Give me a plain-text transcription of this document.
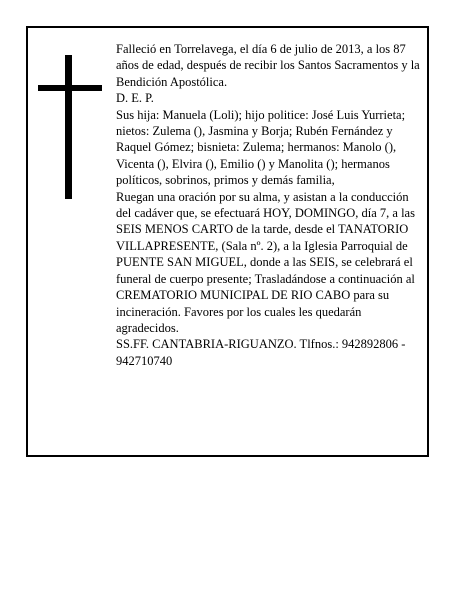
Falleció en Torrelavega, el día 6 de julio de 2013, a los 87 años de edad, después de recibir los Santos Sacramentos y la Bendición Apostólica.

D. E. P.

Sus hija: Manuela (Loli); hijo politice: José Luis Yurrieta; nietos: Zulema (), Jasmina y Borja; Rubén Fernández y Raquel Gómez; bisnieta: Zulema; hermanos: Manolo (), Vicenta (), Elvira (), Emilio () y Manolita (); hermanos políticos, sobrinos, primos y demás familia,

Ruegan una oración por su alma, y asistan a la conducción del cadáver que, se efectuará HOY, DOMINGO, día 7, a las SEIS MENOS CARTO de la tarde, desde el TANATORIO VILLAPRESENTE, (Sala nº. 2), a la Iglesia Parroquial de PUENTE SAN MIGUEL, donde a las SEIS, se celebrará el funeral de cuerpo presente; Trasladándose a continuación al CREMATORIO MUNICIPAL DE RIO CABO para su incineración. Favores por los cuales les quedarán agradecidos.

SS.FF. CANTABRIA-RIGUANZO. Tlfnos.: 942892806 - 942710740
